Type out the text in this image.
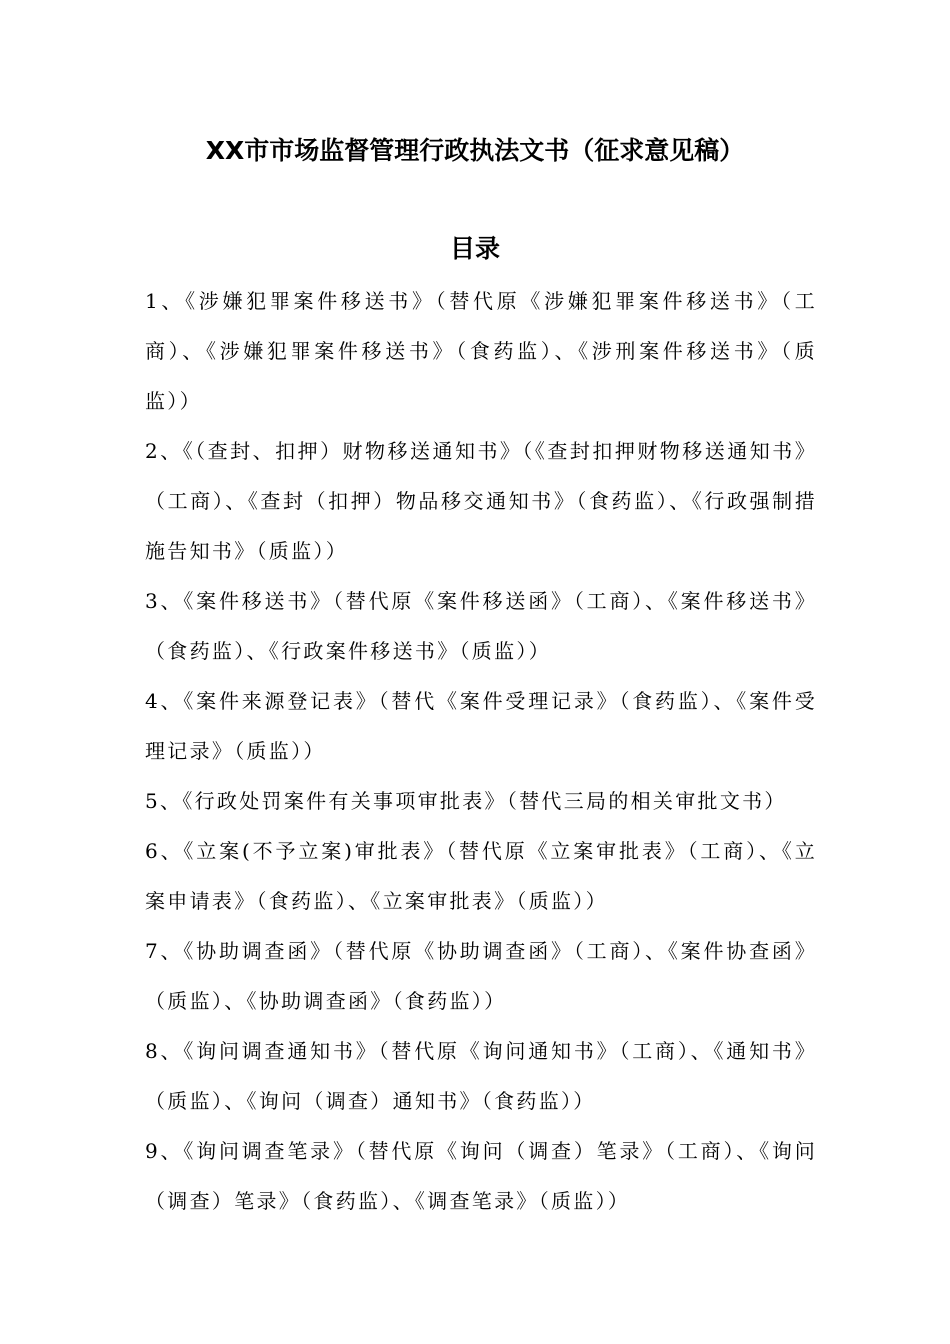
XX市市场监督管理行政执法文书（征求意见稿）
目录
1、《涉嫌犯罪案件移送书》（替代原《涉嫌犯罪案件移送书》（工商）、《涉嫌犯罪案件移送书》（食药监）、《涉刑案件移送书》（质监））
2、《（查封、扣押）财物移送通知书》（《查封扣押财物移送通知书》（工商）、《查封（扣押）物品移交通知书》（食药监）、《行政强制措施告知书》（质监））
3、《案件移送书》（替代原《案件移送函》（工商）、《案件移送书》（食药监）、《行政案件移送书》（质监））
4、《案件来源登记表》（替代《案件受理记录》（食药监）、《案件受理记录》（质监））
5、《行政处罚案件有关事项审批表》（替代三局的相关审批文书）
6、《立案(不予立案)审批表》（替代原《立案审批表》（工商）、《立案申请表》（食药监）、《立案审批表》（质监））
7、《协助调查函》（替代原《协助调查函》（工商）、《案件协查函》（质监）、《协助调查函》（食药监））
8、《询问调查通知书》（替代原《询问通知书》（工商）、《通知书》（质监）、《询问（调查）通知书》（食药监））
9、《询问调查笔录》（替代原《询问（调查）笔录》（工商）、《询问（调查）笔录》（食药监）、《调查笔录》（质监））
